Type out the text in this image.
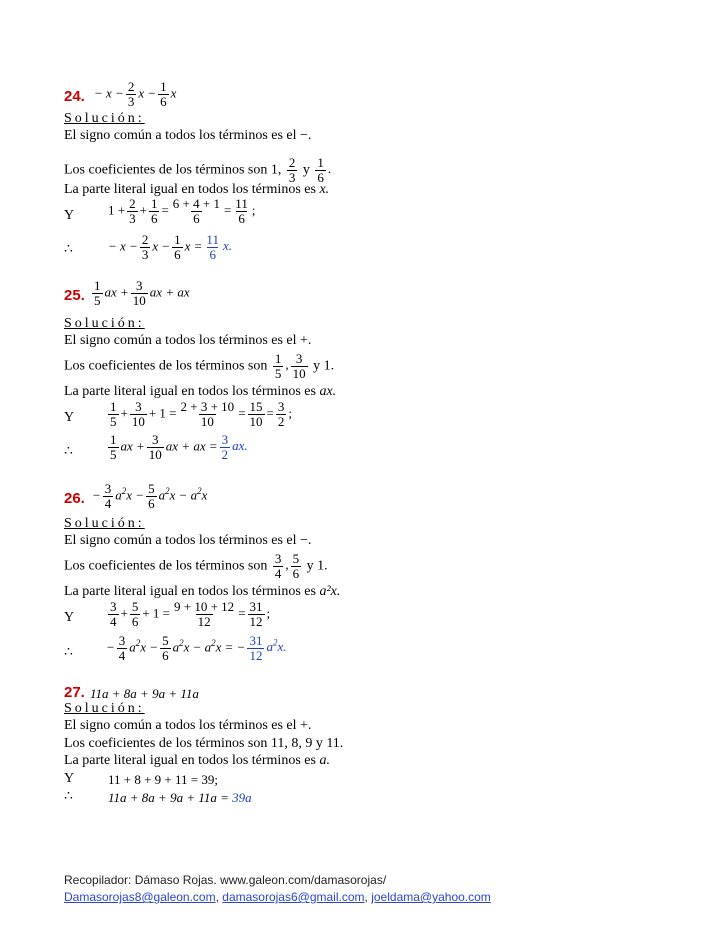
24. − $x - \frac{2}{3}$ $x - \frac{1}{6}$ x
Solución:
El signo común a todos los términos es el −.
Los coeficientes de los términos son 1, $\frac{2}{3}$ y $\frac{1}{6}$ .
La parte literal igual en todos los términos es x.
Y	$1 + \frac{2}{3} + \frac{1}{6} = \frac{6 + 4 + 1}{6} = \frac{11}{6}$ ;
∴	− $x - \frac{2}{3}$ $x - \frac{1}{6}$ $x = \frac{11}{6} x$.
25. $\frac{1}{5}$ ax + $\frac{3}{10}$ ax + ax
Solución:
El signo común a todos los términos es el +.
Los coeficientes de los términos son $\frac{1}{5}$ , $\frac{3}{10}$ y 1.
La parte literal igual en todos los términos es ax.
Y	$\frac{1}{5} + \frac{3}{10} + 1 = \frac{2 + 3 + 10}{10} = \frac{15}{10} = \frac{3}{2}$ ;
∴	$\frac{1}{5}$ ax + $\frac{3}{10}$ ax + ax = $\frac{3}{2}$ ax.
26. − $\frac{3}{4} a^2x - \frac{5}{6} a^2x - a^2x$
Solución:
El signo común a todos los términos es el −.
Los coeficientes de los términos son $\frac{3}{4}$ , $\frac{5}{6}$ y 1.
La parte literal igual en todos los términos es a²x.
Y	$\frac{3}{4} + \frac{5}{6} + 1 = \frac{9 + 10 + 12}{12} = \frac{31}{12}$ ;
∴	− $\frac{3}{4} a^2x - \frac{5}{6} a^2x - a^2x$ = − $\frac{31}{12} a^2x$.
27. 11a + 8a + 9a + 11a
Solución:
El signo común a todos los términos es el +.
Los coeficientes de los términos son 11, 8, 9 y 11.
La parte literal igual en todos los términos es a.
Y	11 + 8 + 9 + 11 = 39;
∴	11a + 8a + 9a + 11a = 39a
Recopilador: Dámaso Rojas. www.galeon.com/damasorojas/
Damasorojas8@galeon.com, damasorojas6@gmail.com, joeldama@yahoo.com
